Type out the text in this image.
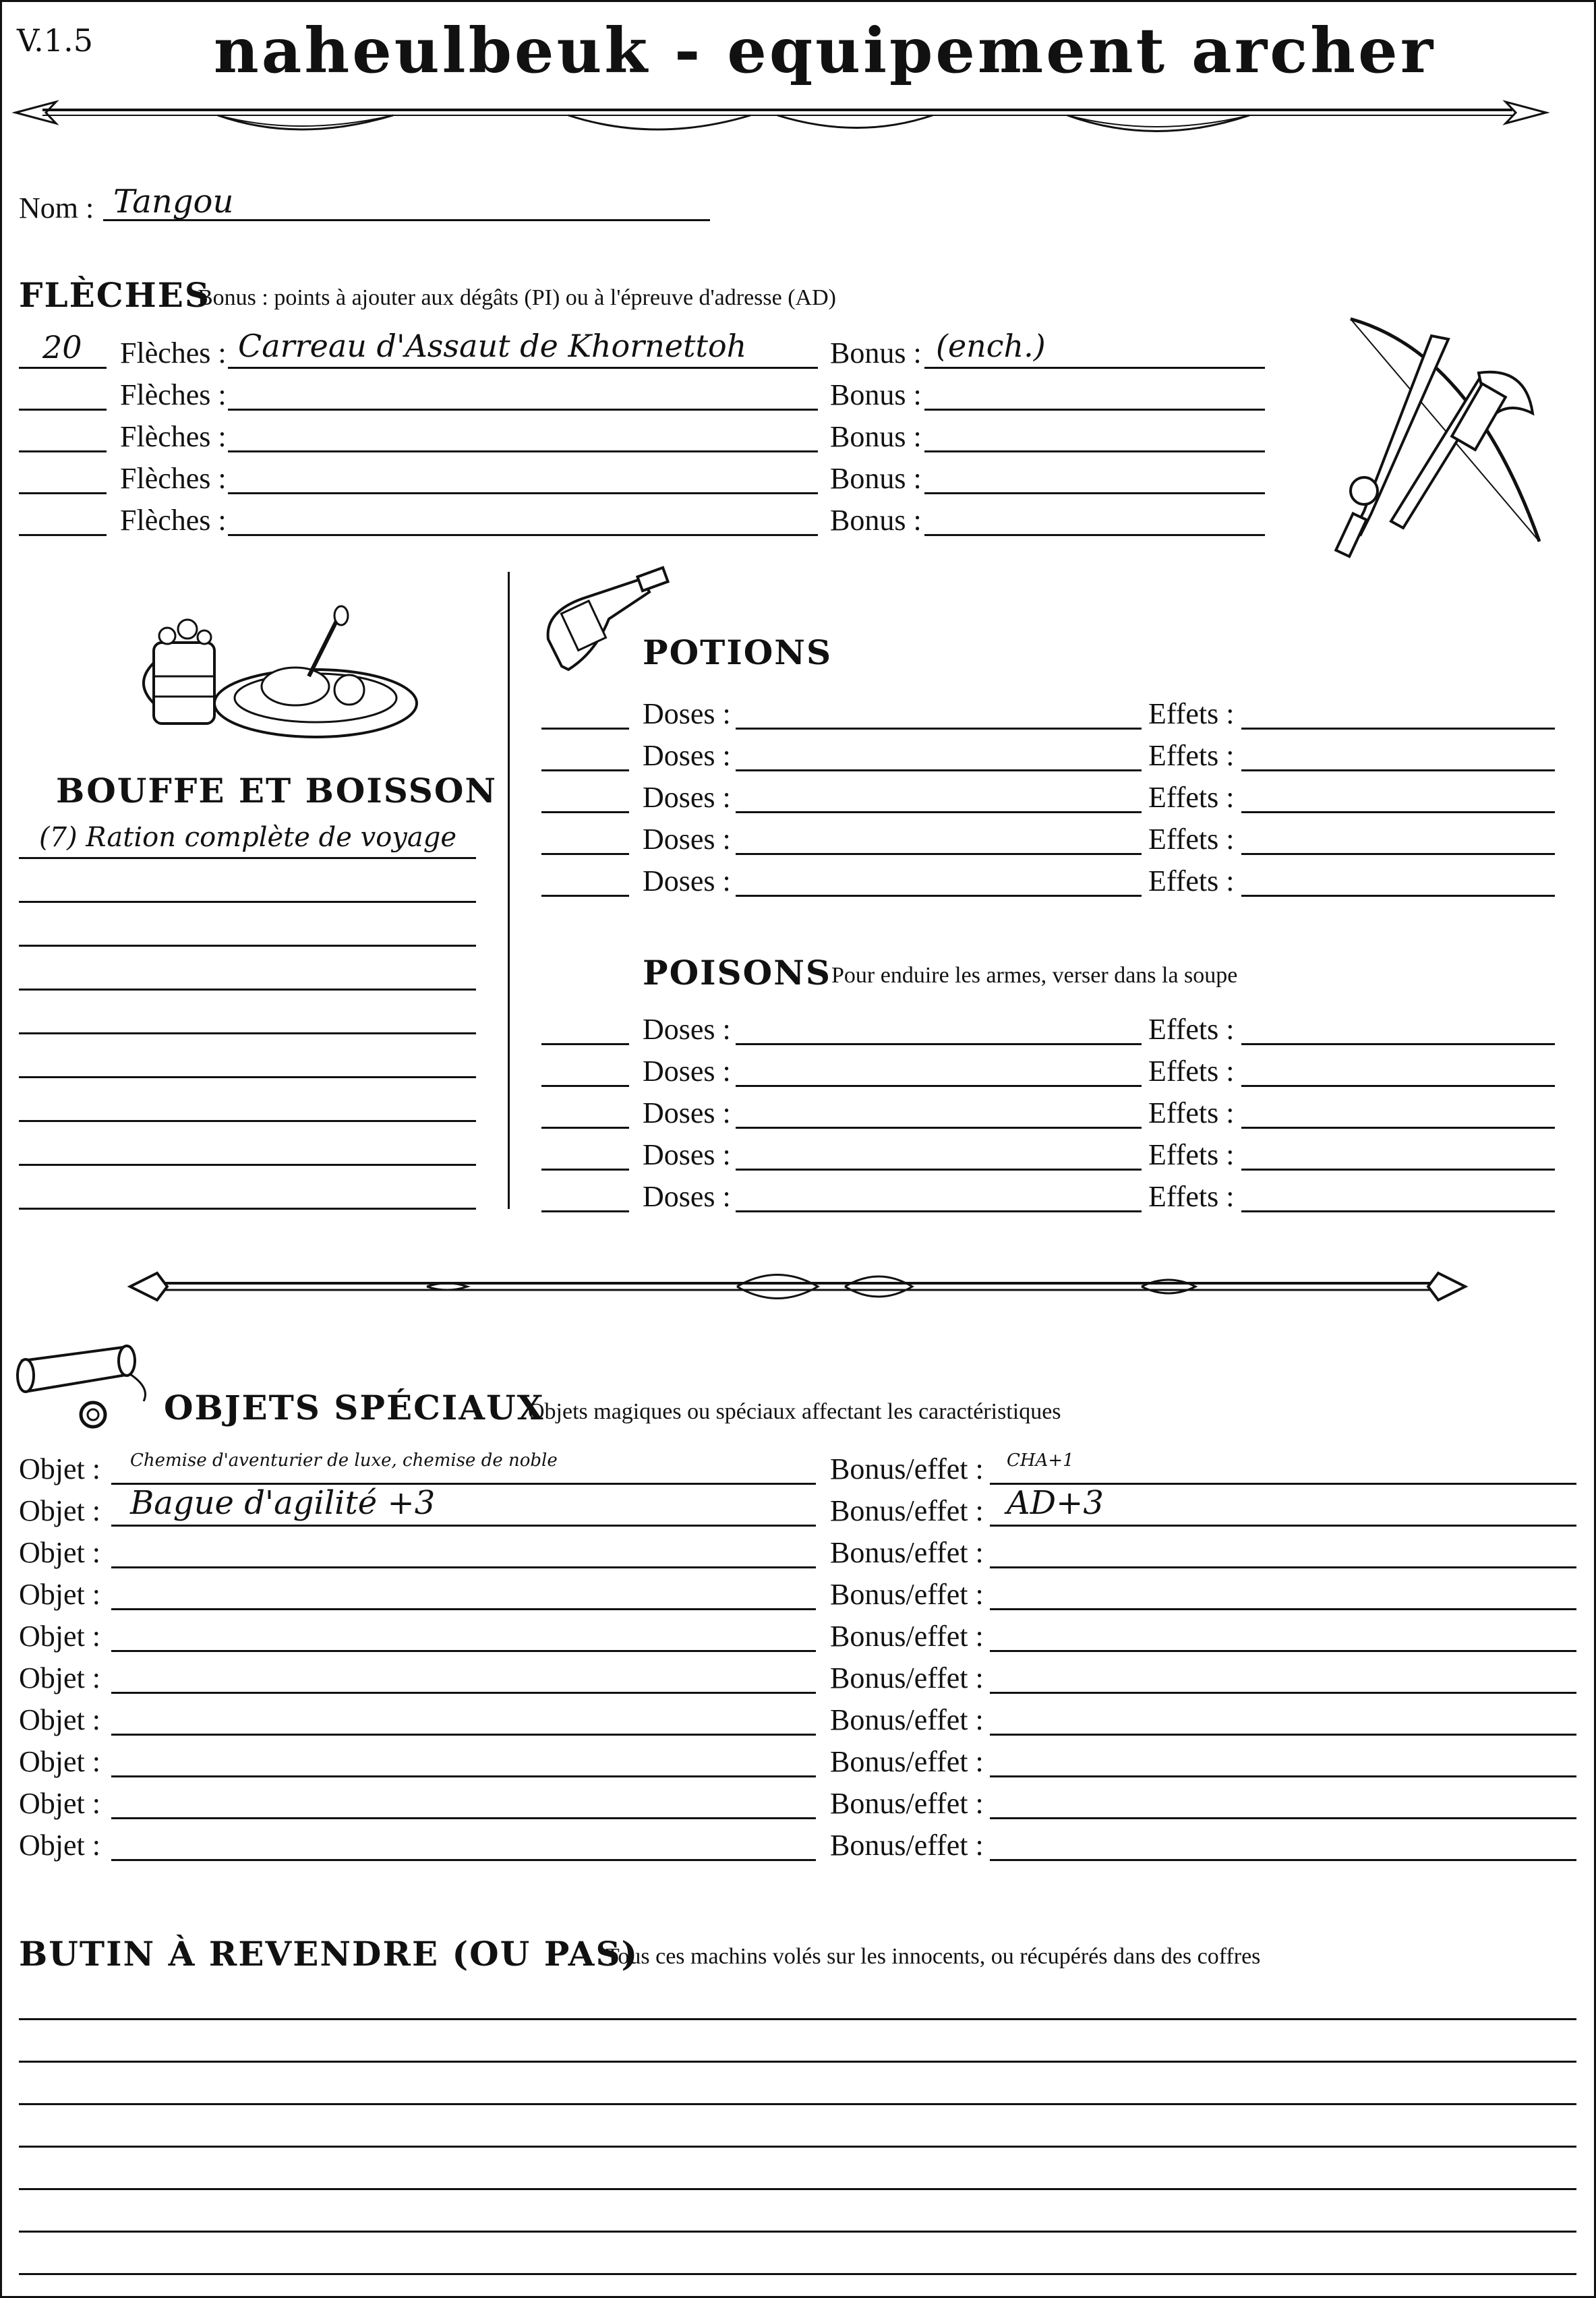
V.1.5 naheulbeuk - equipement archer
Nom : Tangou
FLÈCHES
Bonus : points à ajouter aux dégâts (PI) ou à l'épreuve d'adresse (AD)
20 Flèches : Carreau d'Assaut de Khornettoh	Bonus : (ench.)
Flèches :	Bonus :
Flèches :	Bonus :
Flèches :	Bonus :
Flèches :	Bonus :
BOUFFE ET BOISSON
(7) Ration complète de voyage
POTIONS
Doses :	Effets :
Doses :	Effets :
Doses :	Effets :
Doses :	Effets :
Doses :	Effets :
POISONS Pour enduire les armes, verser dans la soupe
Doses :	Effets :
Doses :	Effets :
Doses :	Effets :
Doses :	Effets :
Doses :	Effets :
OBJETS SPÉCIAUX
Objets magiques ou spéciaux affectant les caractéristiques
Objet : Chemise d'aventurier de luxe, chemise de noble	Bonus/effet : CHA+1
Objet : Bague d'agilité +3	Bonus/effet : AD+3
Objet :	Bonus/effet :
Objet :	Bonus/effet :
Objet :	Bonus/effet :
Objet :	Bonus/effet :
Objet :	Bonus/effet :
Objet :	Bonus/effet :
Objet :	Bonus/effet :
Objet :	Bonus/effet :
BUTIN À REVENDRE (OU PAS)
Tous ces machins volés sur les innocents, ou récupérés dans des coffres
